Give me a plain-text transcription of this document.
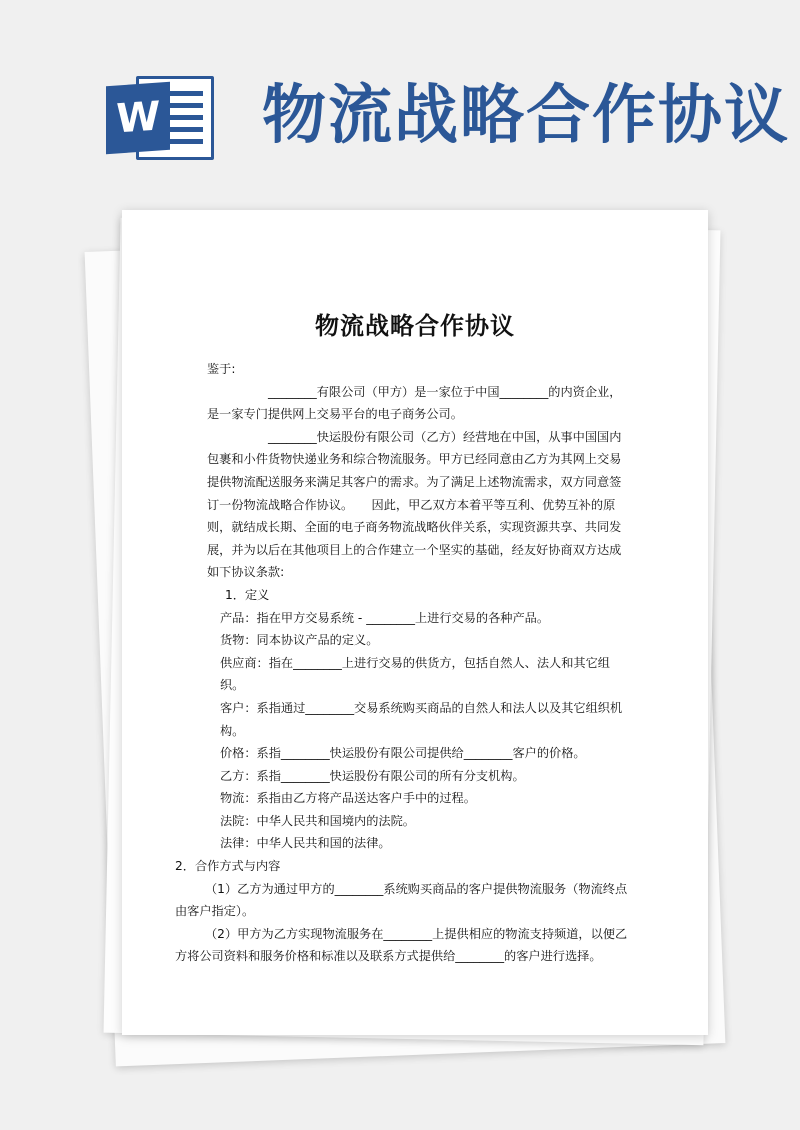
W 物流战略合作协议
物流战略合作协议

鉴于:

________有限公司（甲方）是一家位于中国________的内资企业，是一家专门提供网上交易平台的电子商务公司。

________快运股份有限公司（乙方）经营地在中国，从事中国国内包裹和小件货物快递业务和综合物流服务。甲方已经同意由乙方为其网上交易提供物流配送服务来满足其客户的需求。为了满足上述物流需求，双方同意签订一份物流战略合作协议。　　因此，甲乙双方本着平等互利、优势互补的原则，就结成长期、全面的电子商务物流战略伙伴关系，实现资源共享、共同发展，并为以后在其他项目上的合作建立一个坚实的基础，经友好协商双方达成如下协议条款:

1．定义

产品：指在甲方交易系统 - ________上进行交易的各种产品。

货物：同本协议产品的定义。

供应商：指在________上进行交易的供货方，包括自然人、法人和其它组织。

客户：系指通过________交易系统购买商品的自然人和法人以及其它组织机构。

价格：系指________快运股份有限公司提供给________客户的价格。

乙方：系指________快运股份有限公司的所有分支机构。

物流：系指由乙方将产品送达客户手中的过程。

法院：中华人民共和国境内的法院。

法律：中华人民共和国的法律。

2．合作方式与内容

（1）乙方为通过甲方的________系统购买商品的客户提供物流服务（物流终点由客户指定）。

（2）甲方为乙方实现物流服务在________上提供相应的物流支持频道，以便乙方将公司资料和服务价格和标准以及联系方式提供给________的客户进行选择。
